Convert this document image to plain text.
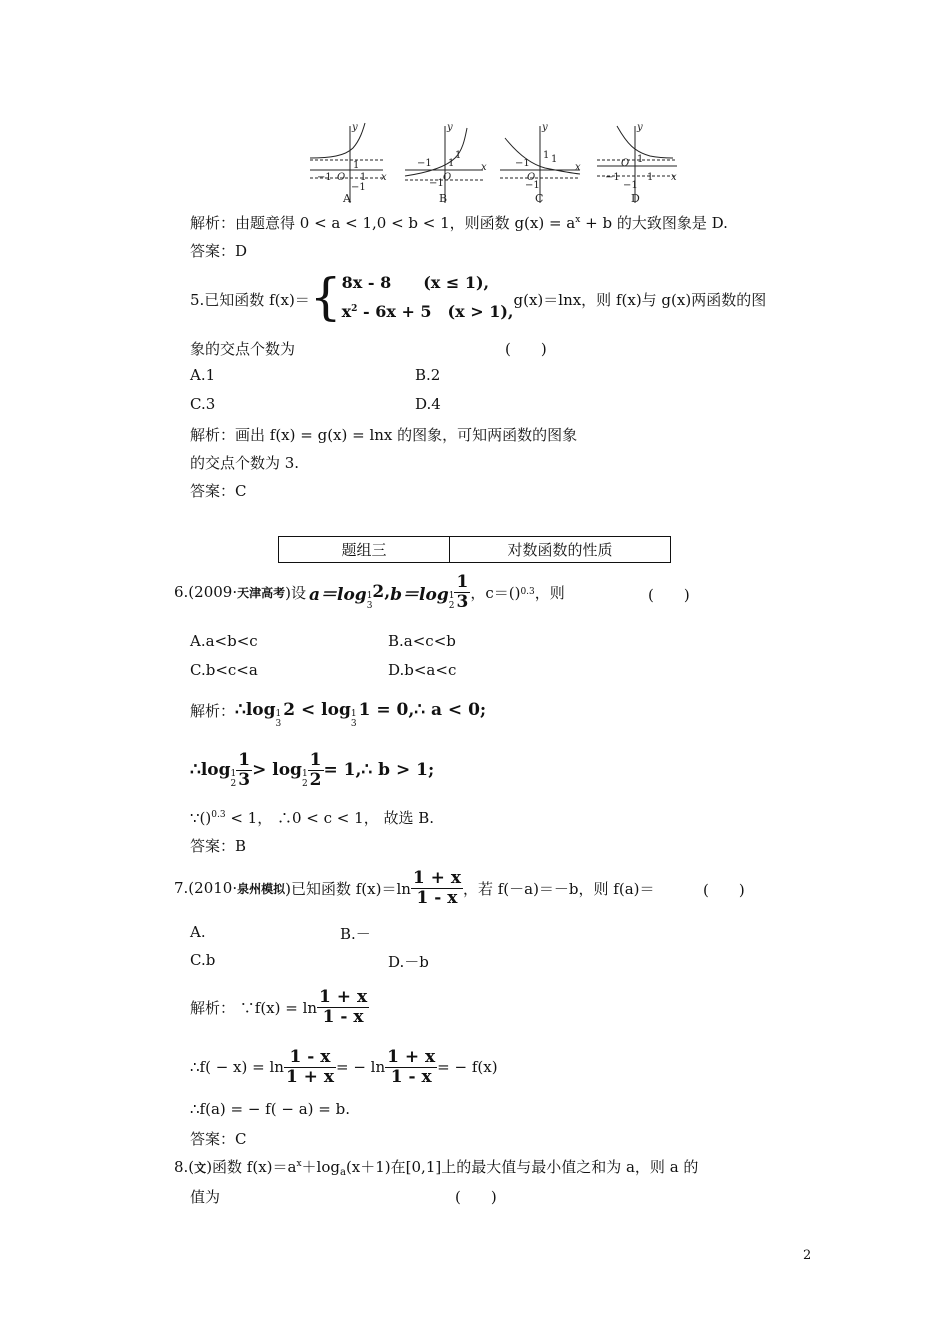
y
x
−1 O
1
1
−1
y
x
−1 1
1
O
−1
y
x
−1
1 1
O
−1
y
x
O 1
−1	1
−1
A	B	C	D
解析：由题意得 0 < a < 1,0 < b < 1，则函数 $g(x) = a^x + b$ 的大致图象是 D.
答案：D
5.已知函数 f(x)＝ { 8x - 8　　(x ≤ 1),
$x^2 - 6x + 5$　(x > 1),
g(x)＝lnx，则 f(x)与 g(x)两函数的图
象的交点个数为	(　　)
A.1	B.2
C.3	D.4
解析：画出 f(x) = g(x) = lnx 的图象，可知两函数的图象
的交点个数为 3.
答案：C
题组三	对数函数的性质
6.(2009· 天津高考 )设 a＝log 1
3
2, b＝log 1
$2 \frac{1}{3}$ ，c＝() 0.3 ，则	(　　)
A.a<b<c	B.a<c<b
C.b<c<a	D.b<a<c
解析： ∴log 1
3
2 < log 1
3
1 = 0,∴ a < 0;
∴log 1
$2 \frac{1}{3} > \log 1$
$2 \frac{1}{2}$ = 1,∴ b > 1;
∵()$^{0.3}$ < 1， ∴0 < c < 1， 故选 B.
答案：B
7.(2010· 泉州模拟 )已知函数 $f(x)=\ln \frac{1 + x}{1 - x}$ ，若 f(－a)＝－b，则 f(a)＝	(　　)
A.	B.－
C.b	D.－b
解析： ∵f(x) = $\ln \frac{1 + x}{1 - x}$
∴f( − $x) = \ln \frac{1 - x}{1 + x}$ = − $\ln \frac{1 + x}{1 - x}$ = − f(x)
∴f(a) = − f( − a) = b.
答案：C
8.(文)函数 $f(x)=a^x+\log_a(x+1)$在[0,1]上的最大值与最小值之和为 a，则 a 的
值为	(　　)
2
